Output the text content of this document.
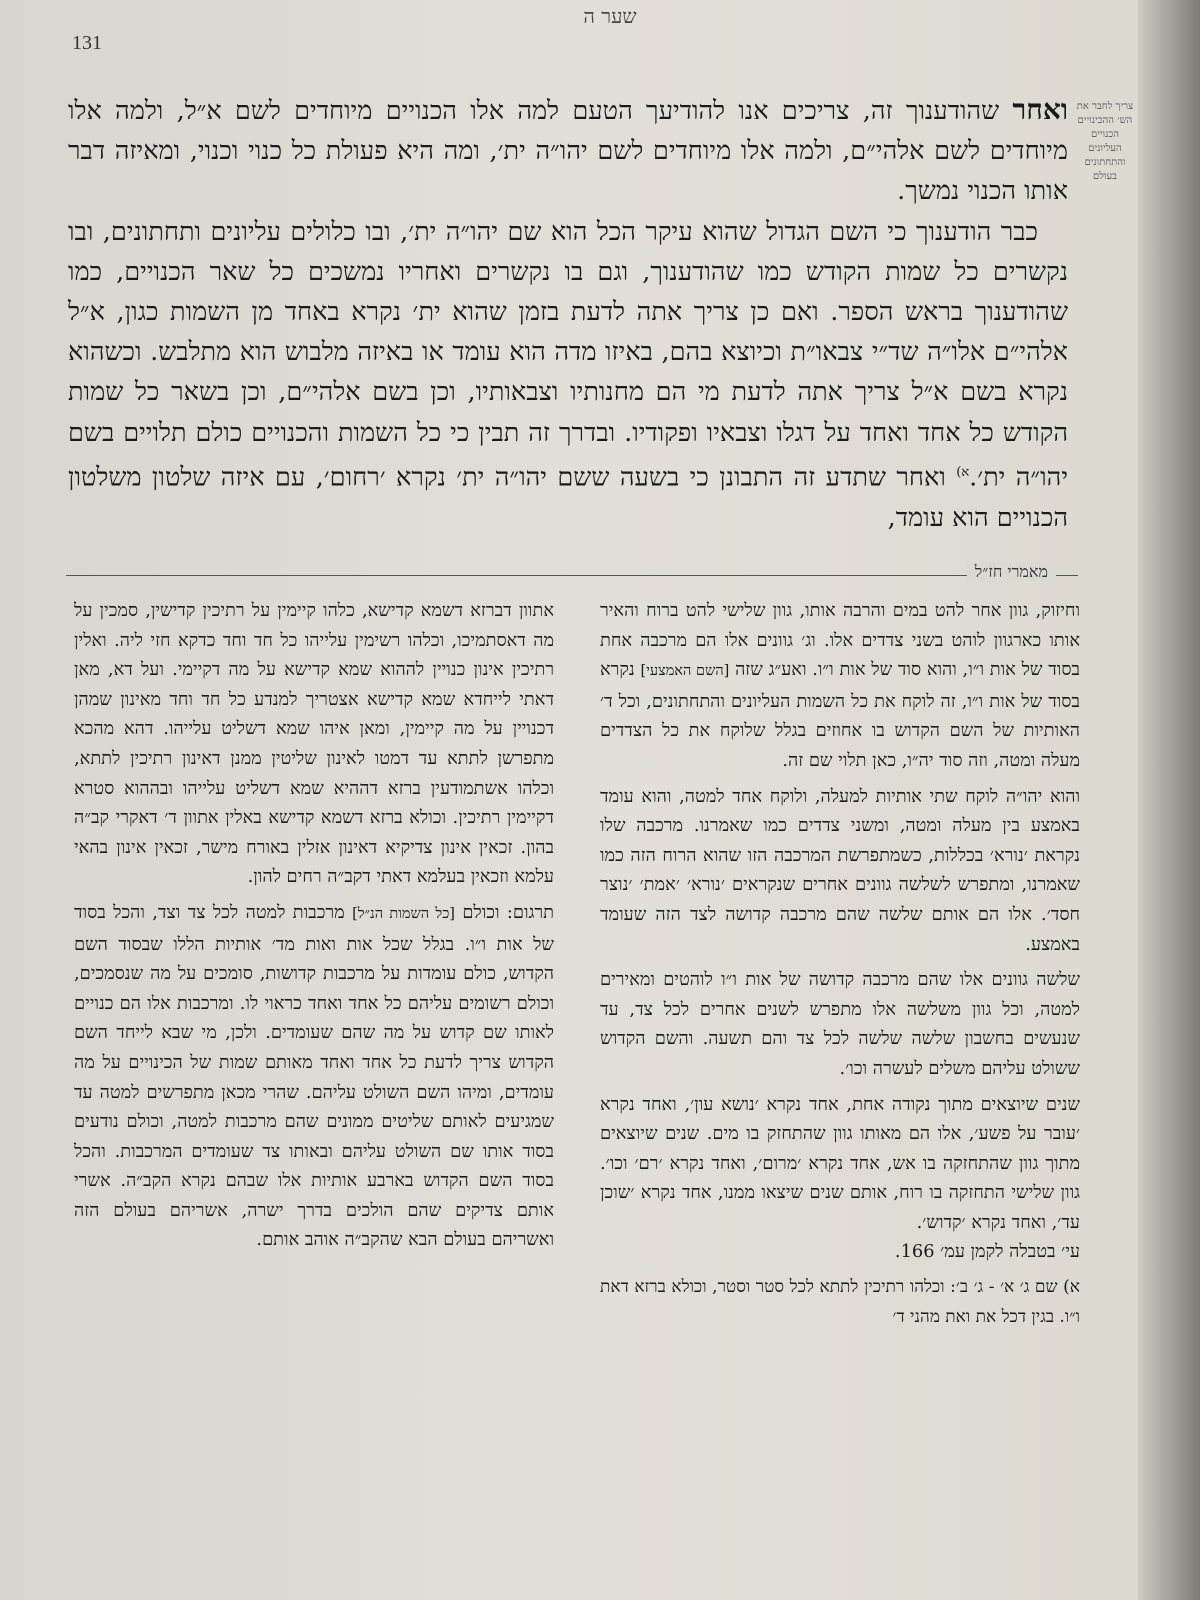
שער ה
131
צריך לחבר את הש׳ ההכינויים הכנויים העליונים והתחתונים בעולם

ואחר שהודענוך זה, צריכים אנו להודיעך הטעם למה אלו הכנויים מיוחדים לשם א״ל, ולמה אלו מיוחדים לשם אלהי״ם, ולמה אלו מיוחדים לשם יהו״ה ית׳, ומה היא פעולת כל כנוי וכנוי, ומאיזה דבר אותו הכנוי נמשך.

כבר הודענוך כי השם הגדול שהוא עיקר הכל הוא שם יהו״ה ית׳, ובו כלולים עליונים ותחתונים, ובו נקשרים כל שמות הקודש כמו שהודענוך, וגם בו נקשרים ואחריו נמשכים כל שאר הכנויים, כמו שהודענוך בראש הספר. ואם כן צריך אתה לדעת בזמן שהוא ית׳ נקרא באחד מן השמות כגון, א״ל אלהי״ם אלו״ה שד״י צבאו״ת וכיוצא בהם, באיזו מדה הוא עומד או באיזה מלבוש הוא מתלבש. וכשהוא נקרא בשם א״ל צריך אתה לדעת מי הם מחנותיו וצבאותיו, וכן בשם אלהי״ם, וכן בשאר כל שמות הקודש כל אחד ואחד על דגלו וצבאיו ופקודיו. ובדרך זה תבין כי כל השמות והכנויים כולם תלויים בשם יהו״ה ית׳.$^{א)}$ ואחר שתדע זה התבונן כי בשעה ששם יהו״ה ית׳ נקרא ׳רחום׳, עם איזה שלטון משלטון הכנויים הוא עומד,

מאמרי חז״ל

וחיזוק, גוון אחר להט במים והרבה אותו, גוון שלישי להט ברוח והאיר אותו כארגוון לוהט בשני צדדים אלו. וג׳ גוונים אלו הם מרכבה אחת בסוד של אות ו״ו, והוא סוד של אות ו״ו. ואע״ג שזה [השם האמצעי] נקרא בסוד של אות ו״ו, זה לוקח את כל השמות העליונים והתחתונים, וכל ד׳ האותיות של השם הקדוש בו אחוזים בגלל שלוקח את כל הצדדים מעלה ומטה, וזה סוד יה״ו, כאן תלוי שם זה.

והוא יהו״ה לוקח שתי אותיות למעלה, ולוקח אחד למטה, והוא עומד באמצע בין מעלה ומטה, ומשני צדדים כמו שאמרנו. מרכבה שלו נקראת ׳נורא׳ בכללות, כשמתפרשת המרכבה הזו שהוא הרוח הזה כמו שאמרנו, ומתפרש לשלשה גוונים אחרים שנקראים ׳נורא׳ ׳אמת׳ ׳נוצר חסד׳. אלו הם אותם שלשה שהם מרכבה קדושה לצד הזה שעומד באמצע.

שלשה גוונים אלו שהם מרכבה קדושה של אות ו״ו לוהטים ומאירים למטה, וכל גוון משלשה אלו מתפרש לשנים אחרים לכל צד, עד שנעשים בחשבון שלשה שלשה לכל צד והם תשעה. והשם הקדוש ששולט עליהם משלים לעשרה וכו׳.

שנים שיוצאים מתוך נקודה אחת, אחד נקרא ׳נושא עון׳, ואחד נקרא ׳עובר על פשע׳, אלו הם מאותו גוון שהתחזק בו מים. שנים שיוצאים מתוך גוון שהתחזקה בו אש, אחד נקרא ׳מרום׳, ואחד נקרא ׳רם׳ וכו׳. גוון שלישי התחזקה בו רוח, אותם שנים שיצאו ממנו, אחד נקרא ׳שוכן עד׳, ואחד נקרא ׳קדוש׳.

עי׳ בטבלה לקמן עמ׳ 166.

א) שם ג׳ א׳ - ג׳ ב׳: וכלהו רתיכין לתתא לכל סטר וסטר, וכולא ברזא דאת ו״ו. בגין דכל את ואת מהני ד׳

אתוון דברזא דשמא קדישא, כלהו קיימין על רתיכין קדישין, סמכין על מה דאסתמיכו, וכלהו רשימין עלייהו כל חד וחד כדקא חזי ליה. ואלין רתיכין אינון כנויין לההוא שמא קדישא על מה דקיימי. ועל דא, מאן דאתי לייחדא שמא קדישא אצטריך למנדע כל חד וחד מאינון שמהן דכנויין על מה קיימין, ומאן איהו שמא דשליט עלייהו. דהא מהכא מתפרשן לתתא עד דמטו לאינון שליטין ממנן דאינון רתיכין לתתא, וכלהו אשתמודעין ברזא דההיא שמא דשליט עלייהו ובההוא סטרא דקיימין רתיכין. וכולא ברזא דשמא קדישא באלין אתוון ד׳ דאקרי קב״ה בהון. זכאין אינון צדיקיא דאינון אזלין באורח מישר, זכאין אינון בהאי עלמא וזכאין בעלמא דאתי דקב״ה רחים להון.

תרגום: וכולם [כל השמות הנ״ל] מרכבות למטה לכל צד וצד, והכל בסוד של אות ו״ו. בגלל שכל אות ואות מד׳ אותיות הללו שבסוד השם הקדוש, כולם עומדות על מרכבות קדושות, סומכים על מה שנסמכים, וכולם רשומים עליהם כל אחד ואחד כראוי לו. ומרכבות אלו הם כנויים לאותו שם קדוש על מה שהם שעומדים. ולכן, מי שבא לייחד השם הקדוש צריך לדעת כל אחד ואחד מאותם שמות של הכינויים על מה עומדים, ומיהו השם השולט עליהם. שהרי מכאן מתפרשים למטה עד שמגיעים לאותם שליטים ממונים שהם מרכבות למטה, וכולם נודעים בסוד אותו שם השולט עליהם ובאותו צד שעומדים המרכבות. והכל בסוד השם הקדוש בארבע אותיות אלו שבהם נקרא הקב״ה. אשרי אותם צדיקים שהם הולכים בדרך ישרה, אשריהם בעולם הזה ואשריהם בעולם הבא שהקב״ה אוהב אותם.
